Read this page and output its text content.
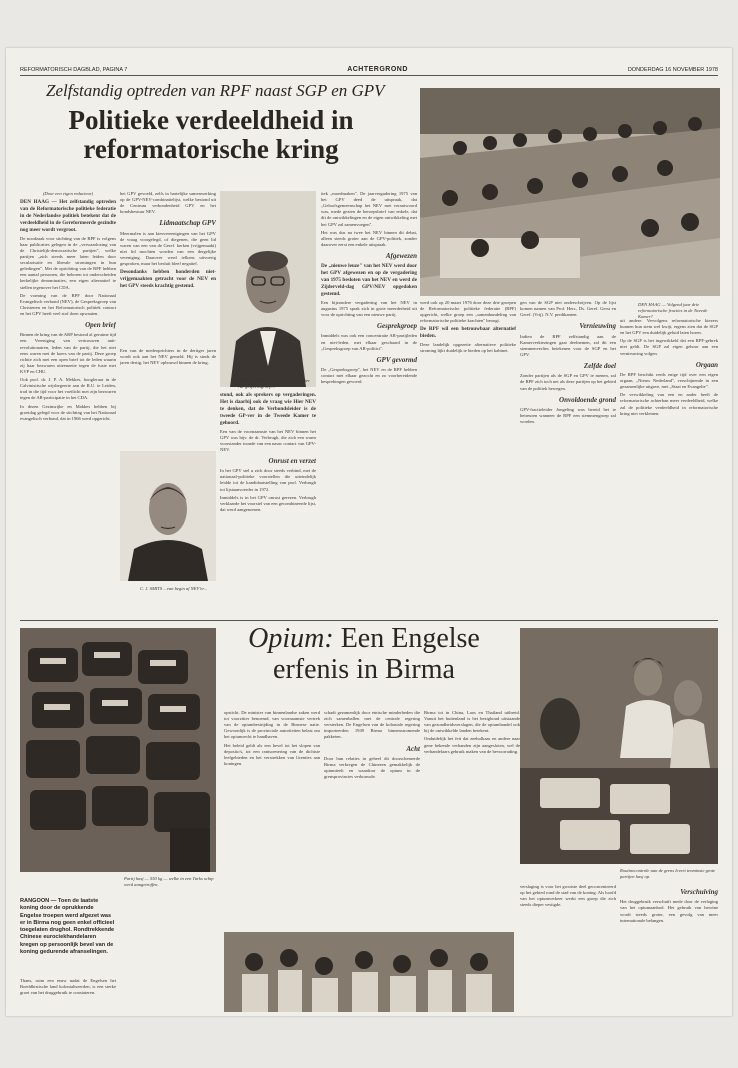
REFORMATORISCH DAGBLAD, PAGINA 7	ACHTERGROND	DONDERDAG 16 NOVEMBER 1978
Zelfstandig optreden van RPF naast SGP en GPV
Politieke verdeeldheid in reformatorische kring

(Door een eigen redacteur)

DEN HAAG — Het zelfstandig optreden van de Reformatorische politieke federatie in de Nederlandse politiek betekent dat de verdeeldheid in de Gereformeerde gezindte nog meer wordt vergroot.

De noodzaak voor stichting van de RPF is volgens haar publicaties gelegen in de „verwaarlozing van de Christelijk-democratische partijen", welke partijen „zich steeds meer laten leiden door secularisatie en liberale stromingen in hun geledingen". Met de oprichting van de RPF hebben een aantal personen, die behoren tot onderscheiden kerkelijke denominaties, een eigen alternatief te stellen tegenover het CDA.

De vorming van de RPF door Nationaal Evangelisch verbond (NEV), de Gespreksgroep van Christenen en het Reformatorisch politiek contact en het GPV heeft veel stof doen opwaaien.

Open brief

Binnen de kring van de ARP bestond al geruime tijd een Vereniging van vertrouwen anti-revolutionairen, leden van de partij, die het niet eens waren met de koers van de partij. Deze groep richtte zich met een open brief tot de leden waarin zij haar bezwaren uiteenzette tegen de fusie met KVP en CHU.

Ook prof. dr. J. P. A. Mekkes, hoogleraar in de Calvinistische wijsbegeerte aan de R.U. te Leiden, trad in die tijd voor het voetlicht met zijn bezwaren tegen de AR-participatie in het CDA.

In dezen Gezinsrijke en Makkes hebben bij groeidag gelegd voor de stichting van het Nationaal evangelisch verbond, dat in 1966 werd opgericht.

het GPV gevoeld, zelfs in hartelijke samenwerking op de GPV-NEV-combinatielijst, welke bestond uit de Centrum verbondenheid GPV en het bondsbestuur NEV.

Lidmaatschap GPV

Meermalen is aan kiesvereenigingen van het GPV de vraag voorgelegd, of diegenen, die geen lid waren van een van de Geref. kerken (vrijgemaakt) niet lid mochten worden van een dergelijke vereniging. Daarover werd telkens uitvoerig gesproken, maar het besluit bleef negatief.

Desondanks hebben honderden niet-vrijgemaakten getracht voor de NEV en het GPV steeds krachtig gestemd.

PROF. DROGENDIJK SR. ...voorzitter AR-gespreksgroep...

stond, ook als sprekers op vergaderingen. Het is daarbij ook de vraag wie Hier NEV te denken, dat de Verbondsleider is de tweede GP-ver in de Tweede Kamer te gehoord.

Een van de voornaamste van het NEV binnen het GPV was bijv. de dr. Verbrugh, die zich een warm voorstander toonde van een nauw contact van GPV-NEV.

Onrust en verzet

In het GPV stel u zich door steeds verbind, met de nationaal-politieke voorstellen die uiteindelijk leidde tot de kandidaatstelling van prof. Verbrugh tot lijstaanvoerder in 1972.

Inmiddels is in het GPV onrust gerezen. Verbrugh verklaarde het voorstel van een gecombineerde lijst, dat werd aangenomen.

C. J. SMITS ...van begin af NEV'er...

Een van de medeoprichters in de dertiger jaren wordt ook aan het NEV gemeld. Hij is sinds de jaren dertig, het NEV opbouwd binnen de kring.

tiek „moedmaken". De jaarvergadering 1975 van het GPV deed de uitspraak, dat „Geloofsgemeenschap het NEV met verantwoord was, mede gezien de beroepsbrief van enkele, dat dit de ontwikkelingen en de eigen ontwikkeling met het GPV zal samenvoegen".

Het was dus na twee het NEV binnen dit debat, alleen steeds groter aan de GPV-politiek, zonder daarover eerst een enkele uitspraak.

Afgewezen

De „nieuwe leuze" van het NEV werd door het GPV afgewezen en op de vergadering van 1975 besloten van het NEV en werd de Zijderveld-dag GPV/NEV opgedoken gestemd.

Een bijzondere vergadering van het NEV in augustus 1975 sprak zich in grote meerderheid uit voor de oprichting van een nieuwe partij.

Gesprekgroep

Inmiddels was ook een concentratie AR-partijleden en niet-leden, met elkaar geschaard in de „Gespreksgroep van AR-politici".

GPV gevormd

De „Gespreksgroep", het NEV en de RPF hebben contact met elkaar gezocht en zo voorbereidende besprekingen gevoerd.

DEN HAAG — Volgend jaar drie reformatorische fracties in de Tweede Kamer?

werd ook op 20 maart 1976 door deze drie groepen de Reformatorische politieke federatie (RPF) opgericht, welke groep een „samenbundeling van reformatorische politieke krachten" beoogt.

De RPF wil een betrouwbaar alternatief bieden.

Deze landelijk opgezette alternatieve politieke stroming lijkt duidelijk te bieden op het kabinet.

gen van de SGP niet onderschrijven. Op de lijst komen namen van Prof. Herr., Ds. Geref. Gerst en Geref. (Vrij). N.V. predikanten.

Vernieuwing

Indien de RPF zelfstandig aan de Kamerverkiezingen gaat deelnemen, zal dit een stemmenverlies betekenen voor de SGP en het GPV.

Zelfde doel

Zonder partijen als de SGP en GPV te menen, zal de RPF zich toch net als deze partijen op het gebied van de politiek bewegen.

Onvoldoende grond

GPV-fractieleider Jongeling was bereid het te betreuren wanneer de RPF een stemmengroep zal worden.

uit andere. Vervolgens reformatorische kiezers kunnen hun stem wel kwijt, ergens zien dat de SGP en het GPV een duidelijk geluid laten horen.

Op de SGP is het ingewikkeld dat een RPF-gebrek niet geldt. De SGP zal eigen gehoor aan een vernieuwing volgen.

Orgaan

De RPF beschikt reeds enige tijd over een eigen orgaan, „Nieuw Nederland", verschijnende in een gezamenlijke uitgave, met „Staat en Evangelie".

De verwikkeling van een en ander heeft de reformatorische achterban meer verdeeldheid, welke zal de politieke verdeeldheid in reformatorische kring niet verkleinen.

Partij hasj — 550 kg — welke in een Turks schip werd aangetroffen.
Opium: Een Engelse
erfenis in Birma
RANGOON — Toen de laatste koning door de oprukkende Engelse troepen werd afgezet was er in Birma nog geen enkel officieel toegelaten drughol. Rondtrekkende Chinese eurociekhandelaren kregen op persoonlijk bevel van de koning gedurende afranselingen.

Thans, ruim een eeuw nadat de Engelsen het Boeddhistische land kolonialiseerden, is een sterke groei van het druggebruik te constateren.

opsticht. De minister van binnenlandse zaken werd tot voorzitter benoemd, van voornaamste vertrek van de opiumbestrijding in de Birmese natie. Gewoonlijk is de provinciale autoriteiten belast om het opiumrecht te handhaven.

Het beleid geldt als een bevel tot het slopen van deposito's, tot een rantsoenering van de dichtste leefgebieden en het verstrekken van licenties aan koningen.

schadt gezamenlijk door etnische minderheden die zich samenballen met de centrale regering versterken. De Engelsen van de koloniale regering importeerden 1949 Birma binnenstromende pakketen.

Acht

Door hun relaties in geheel dit doorschemerde Birma verkregen de Chinezen gemakkelijk de opiumteelt en waardoor de opium in de grensprovincies verbouwde.

Birma tot in China, Laos en Thailand uitbreid. Vanuit het buitenland is het bezighoud uitstaande van gezondheidsverslagen, die de opiumhandel ook bij de ontwikkelde landen betekent.

Onduidelijk het feit dat zeeholkaas en andere naar gene bekende verbanden zijn aangesloten, wel de verhandelaars gebruik maken van de bevoorrading.

Routinecontrole aan de grens levert tenminste grote partijen hasj op.

verslaging is voor het grootste deel geconcentreerd op het gebied rond de stad van de koning. Als hoofd van het opiumverkeer werkt een groep die zich steeds dieper vestigde.

Verschuiving

Het druggebruik verschuift mede door de verlaging van het opiumaanbod. Het gebruik van heroïne wordt steeds groter, een gevolg van meer internationale belangen.
